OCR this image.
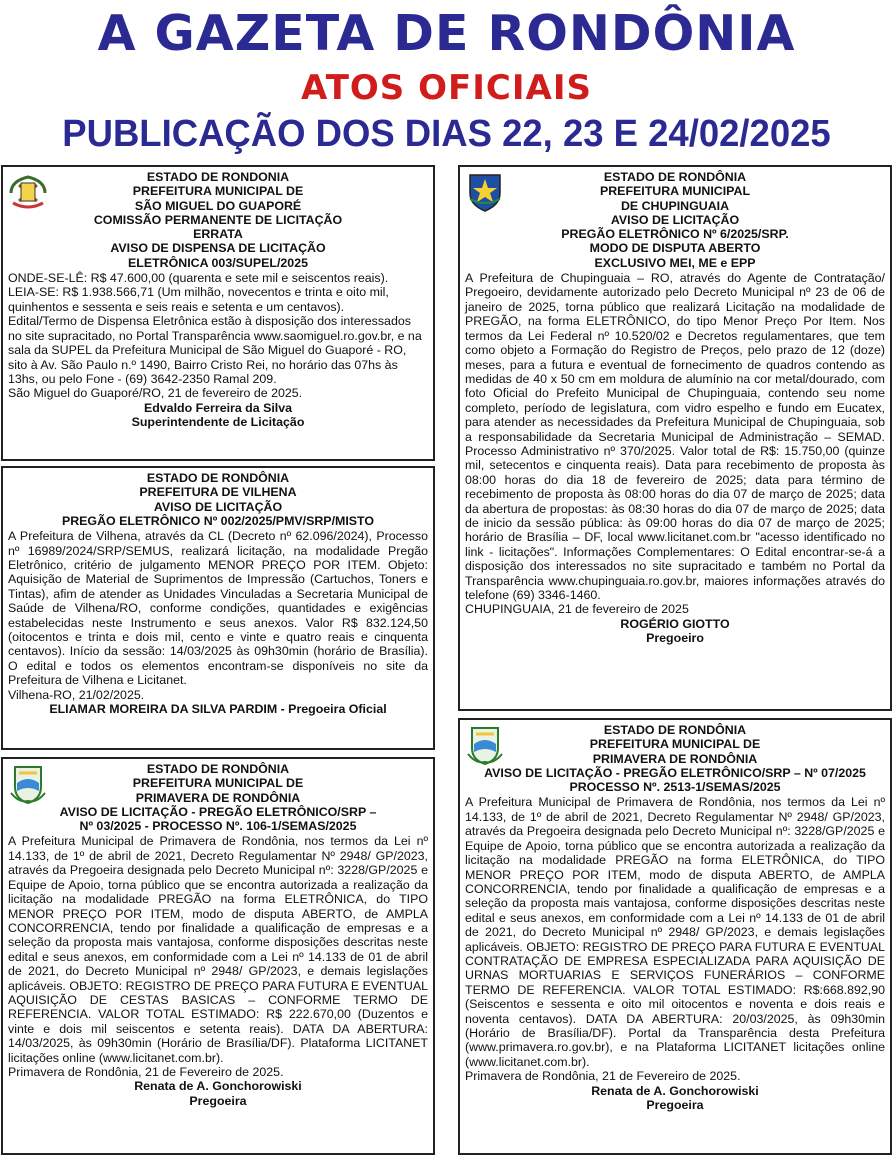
A GAZETA DE RONDÔNIA
ATOS OFICIAIS
PUBLICAÇÃO DOS DIAS 22, 23 E 24/02/2025
ESTADO DE RONDONIA
PREFEITURA MUNICIPAL DE
SÃO MIGUEL DO GUAPORÉ
COMISSÃO PERMANENTE DE LICITAÇÃO
ERRATA
AVISO DE DISPENSA DE LICITAÇÃO
ELETRÔNICA 003/SUPEL/2025

ONDE-SE-LÊ: R$ 47.600,00 (quarenta e sete mil e seiscentos reais).

LEIA-SE: R$ 1.938.566,71 (Um milhão, novecentos e trinta e oito mil, quinhentos e sessenta e seis reais e setenta e um centavos).

Edital/Termo de Dispensa Eletrônica estão à disposição dos interessados no site supracitado, no Portal Transparência www.saomiguel.ro.gov.br, e na sala da SUPEL da Prefeitura Municipal de São Miguel do Guaporé - RO, sito à Av. São Paulo n.º 1490, Bairro Cristo Rei, no horário das 07hs às 13hs, ou pelo Fone - (69) 3642-2350 Ramal 209.

São Miguel do Guaporé/RO, 21 de fevereiro de 2025.

Edvaldo Ferreira da Silva
Superintendente de Licitação
ESTADO DE RONDÔNIA
PREFEITURA DE VILHENA
AVISO DE LICITAÇÃO
PREGÃO ELETRÔNICO Nº 002/2025/PMV/SRP/MISTO

A Prefeitura de Vilhena, através da CL (Decreto nº 62.096/2024), Processo nº 16989/2024/SRP/SEMUS, realizará licitação, na modalidade Pregão Eletrônico, critério de julgamento MENOR PREÇO POR ITEM. Objeto: Aquisição de Material de Suprimentos de Impressão (Cartuchos, Toners e Tintas), afim de atender as Unidades Vinculadas a Secretaria Municipal de Saúde de Vilhena/RO, conforme condições, quantidades e exigências estabelecidas neste Instrumento e seus anexos. Valor R$ 832.124,50 (oitocentos e trinta e dois mil, cento e vinte e quatro reais e cinquenta centavos). Início da sessão: 14/03/2025 às 09h30min (horário de Brasília). O edital e todos os elementos encontram-se disponíveis no site da Prefeitura de Vilhena e Licitanet.

Vilhena-RO, 21/02/2025.

ELIAMAR MOREIRA DA SILVA PARDIM - Pregoeira Oficial
ESTADO DE RONDÔNIA
PREFEITURA MUNICIPAL DE
PRIMAVERA DE RONDÔNIA
AVISO DE LICITAÇÃO - PREGÃO ELETRÔNICO/SRP –
Nº 03/2025 - PROCESSO Nº. 106-1/SEMAS/2025

A Prefeitura Municipal de Primavera de Rondônia, nos termos da Lei nº 14.133, de 1º de abril de 2021, Decreto Regulamentar Nº 2948/ GP/2023, através da Pregoeira designada pelo Decreto Municipal nº: 3228/GP/2025 e Equipe de Apoio, torna público que se encontra autorizada a realização da licitação na modalidade PREGÃO na forma ELETRÔNICA, do TIPO MENOR PREÇO POR ITEM, modo de disputa ABERTO, de AMPLA CONCORRENCIA, tendo por finalidade a qualificação de empresas e a seleção da proposta mais vantajosa, conforme disposições descritas neste edital e seus anexos, em conformidade com a Lei nº 14.133 de 01 de abril de 2021, do Decreto Municipal nº 2948/ GP/2023, e demais legislações aplicáveis. OBJETO: REGISTRO DE PREÇO PARA FUTURA E EVENTUAL AQUISIÇÃO DE CESTAS BASICAS – CONFORME TERMO DE REFERENCIA. VALOR TOTAL ESTIMADO: R$ 222.670,00 (Duzentos e vinte e dois mil seiscentos e setenta reais). DATA DA ABERTURA: 14/03/2025, às 09h30min (Horário de Brasília/DF). Plataforma LICITANET licitações online (www.licitanet.com.br).

Primavera de Rondônia, 21 de Fevereiro de 2025.

Renata de A. Gonchorowiski
Pregoeira
ESTADO DE RONDÔNIA
PREFEITURA MUNICIPAL
DE CHUPINGUAIA
AVISO DE LICITAÇÃO
PREGÃO ELETRÔNICO Nº 6/2025/SRP.
MODO DE DISPUTA ABERTO
EXCLUSIVO MEI, ME e EPP

A Prefeitura de Chupinguaia – RO, através do Agente de Contratação/ Pregoeiro, devidamente autorizado pelo Decreto Municipal nº 23 de 06 de janeiro de 2025, torna público que realizará Licitação na modalidade de PREGÃO, na forma ELETRÔNICO, do tipo Menor Preço Por Item. Nos termos da Lei Federal nº 10.520/02 e Decretos regulamentares, que tem como objeto a Formação do Registro de Preços, pelo prazo de 12 (doze) meses, para a futura e eventual de fornecimento de quadros contendo as medidas de 40 x 50 cm em moldura de alumínio na cor metal/dourado, com foto Oficial do Prefeito Municipal de Chupinguaia, contendo seu nome completo, período de legislatura, com vidro espelho e fundo em Eucatex, para atender as necessidades da Prefeitura Municipal de Chupinguaia, sob a responsabilidade da Secretaria Municipal de Administração – SEMAD. Processo Administrativo nº 370/2025. Valor total de R$: 15.750,00 (quinze mil, setecentos e cinquenta reais). Data para recebimento de proposta às 08:00 horas do dia 18 de fevereiro de 2025; data para término de recebimento de proposta às 08:00 horas do dia 07 de março de 2025; data da abertura de propostas: às 08:30 horas do dia 07 de março de 2025; data de inicio da sessão pública: às 09:00 horas do dia 07 de março de 2025; horário de Brasília – DF, local www.licitanet.com.br "acesso identificado no link - licitações". Informações Complementares: O Edital encontrar-se-á a disposição dos interessados no site supracitado e também no Portal da Transparência www.chupinguaia.ro.gov.br, maiores informações através do telefone (69) 3346-1460.

CHUPINGUAIA, 21 de fevereiro de 2025

ROGÉRIO GIOTTO
Pregoeiro
ESTADO DE RONDÔNIA
PREFEITURA MUNICIPAL DE
PRIMAVERA DE RONDÔNIA
AVISO DE LICITAÇÃO - PREGÃO ELETRÔNICO/SRP – Nº 07/2025
PROCESSO Nº. 2513-1/SEMAS/2025

A Prefeitura Municipal de Primavera de Rondônia, nos termos da Lei nº 14.133, de 1º de abril de 2021, Decreto Regulamentar Nº 2948/ GP/2023, através da Pregoeira designada pelo Decreto Municipal nº: 3228/GP/2025 e Equipe de Apoio, torna público que se encontra autorizada a realização da licitação na modalidade PREGÃO na forma ELETRÔNICA, do TIPO MENOR PREÇO POR ITEM, modo de disputa ABERTO, de AMPLA CONCORRENCIA, tendo por finalidade a qualificação de empresas e a seleção da proposta mais vantajosa, conforme disposições descritas neste edital e seus anexos, em conformidade com a Lei nº 14.133 de 01 de abril de 2021, do Decreto Municipal nº 2948/ GP/2023, e demais legislações aplicáveis. OBJETO: REGISTRO DE PREÇO PARA FUTURA E EVENTUAL CONTRATAÇÃO DE EMPRESA ESPECIALIZADA PARA AQUISIÇÃO DE URNAS MORTUARIAS E SERVIÇOS FUNERÁRIOS – CONFORME TERMO DE REFERENCIA. VALOR TOTAL ESTIMADO: R$:668.892,90 (Seiscentos e sessenta e oito mil oitocentos e noventa e dois reais e noventa centavos). DATA DA ABERTURA: 20/03/2025, às 09h30min (Horário de Brasília/DF). Portal da Transparência desta Prefeitura (www.primavera.ro.gov.br), e na Plataforma LICITANET licitações online (www.licitanet.com.br).

Primavera de Rondônia, 21 de Fevereiro de 2025.

Renata de A. Gonchorowiski
Pregoeira
